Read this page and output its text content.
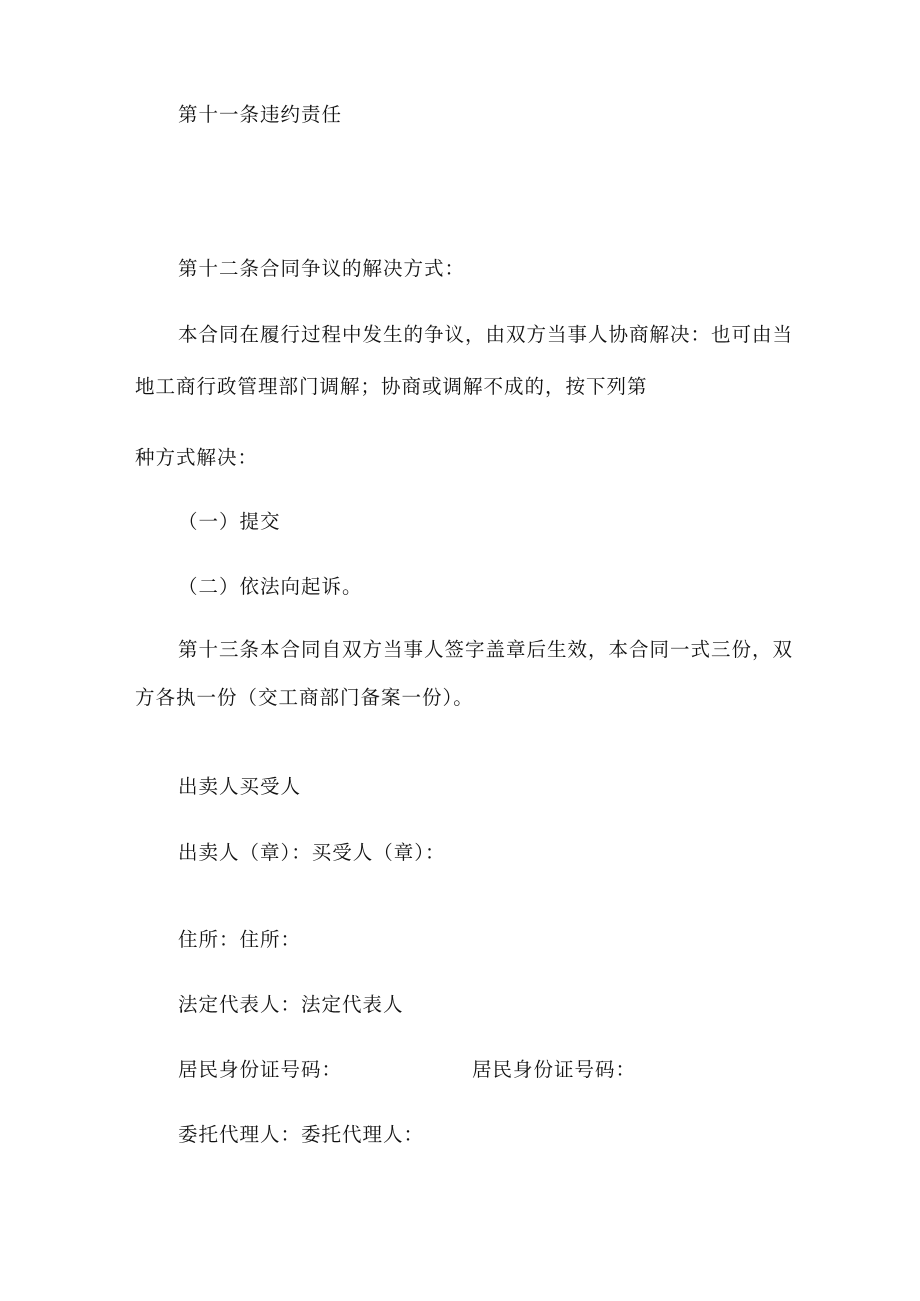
第十一条违约责任
第十二条合同争议的解决方式：
本合同在履行过程中发生的争议，由双方当事人协商解决：也可由当
地工商行政管理部门调解；协商或调解不成的，按下列第
种方式解决：
（一）提交
（二）依法向起诉。
第十三条本合同自双方当事人签字盖章后生效，本合同一式三份，双
方各执一份（交工商部门备案一份）。
出卖人买受人
出卖人（章）：买受人（章）：
住所：住所：
法定代表人：法定代表人
居民身份证号码：	居民身份证号码：
委托代理人：委托代理人：
